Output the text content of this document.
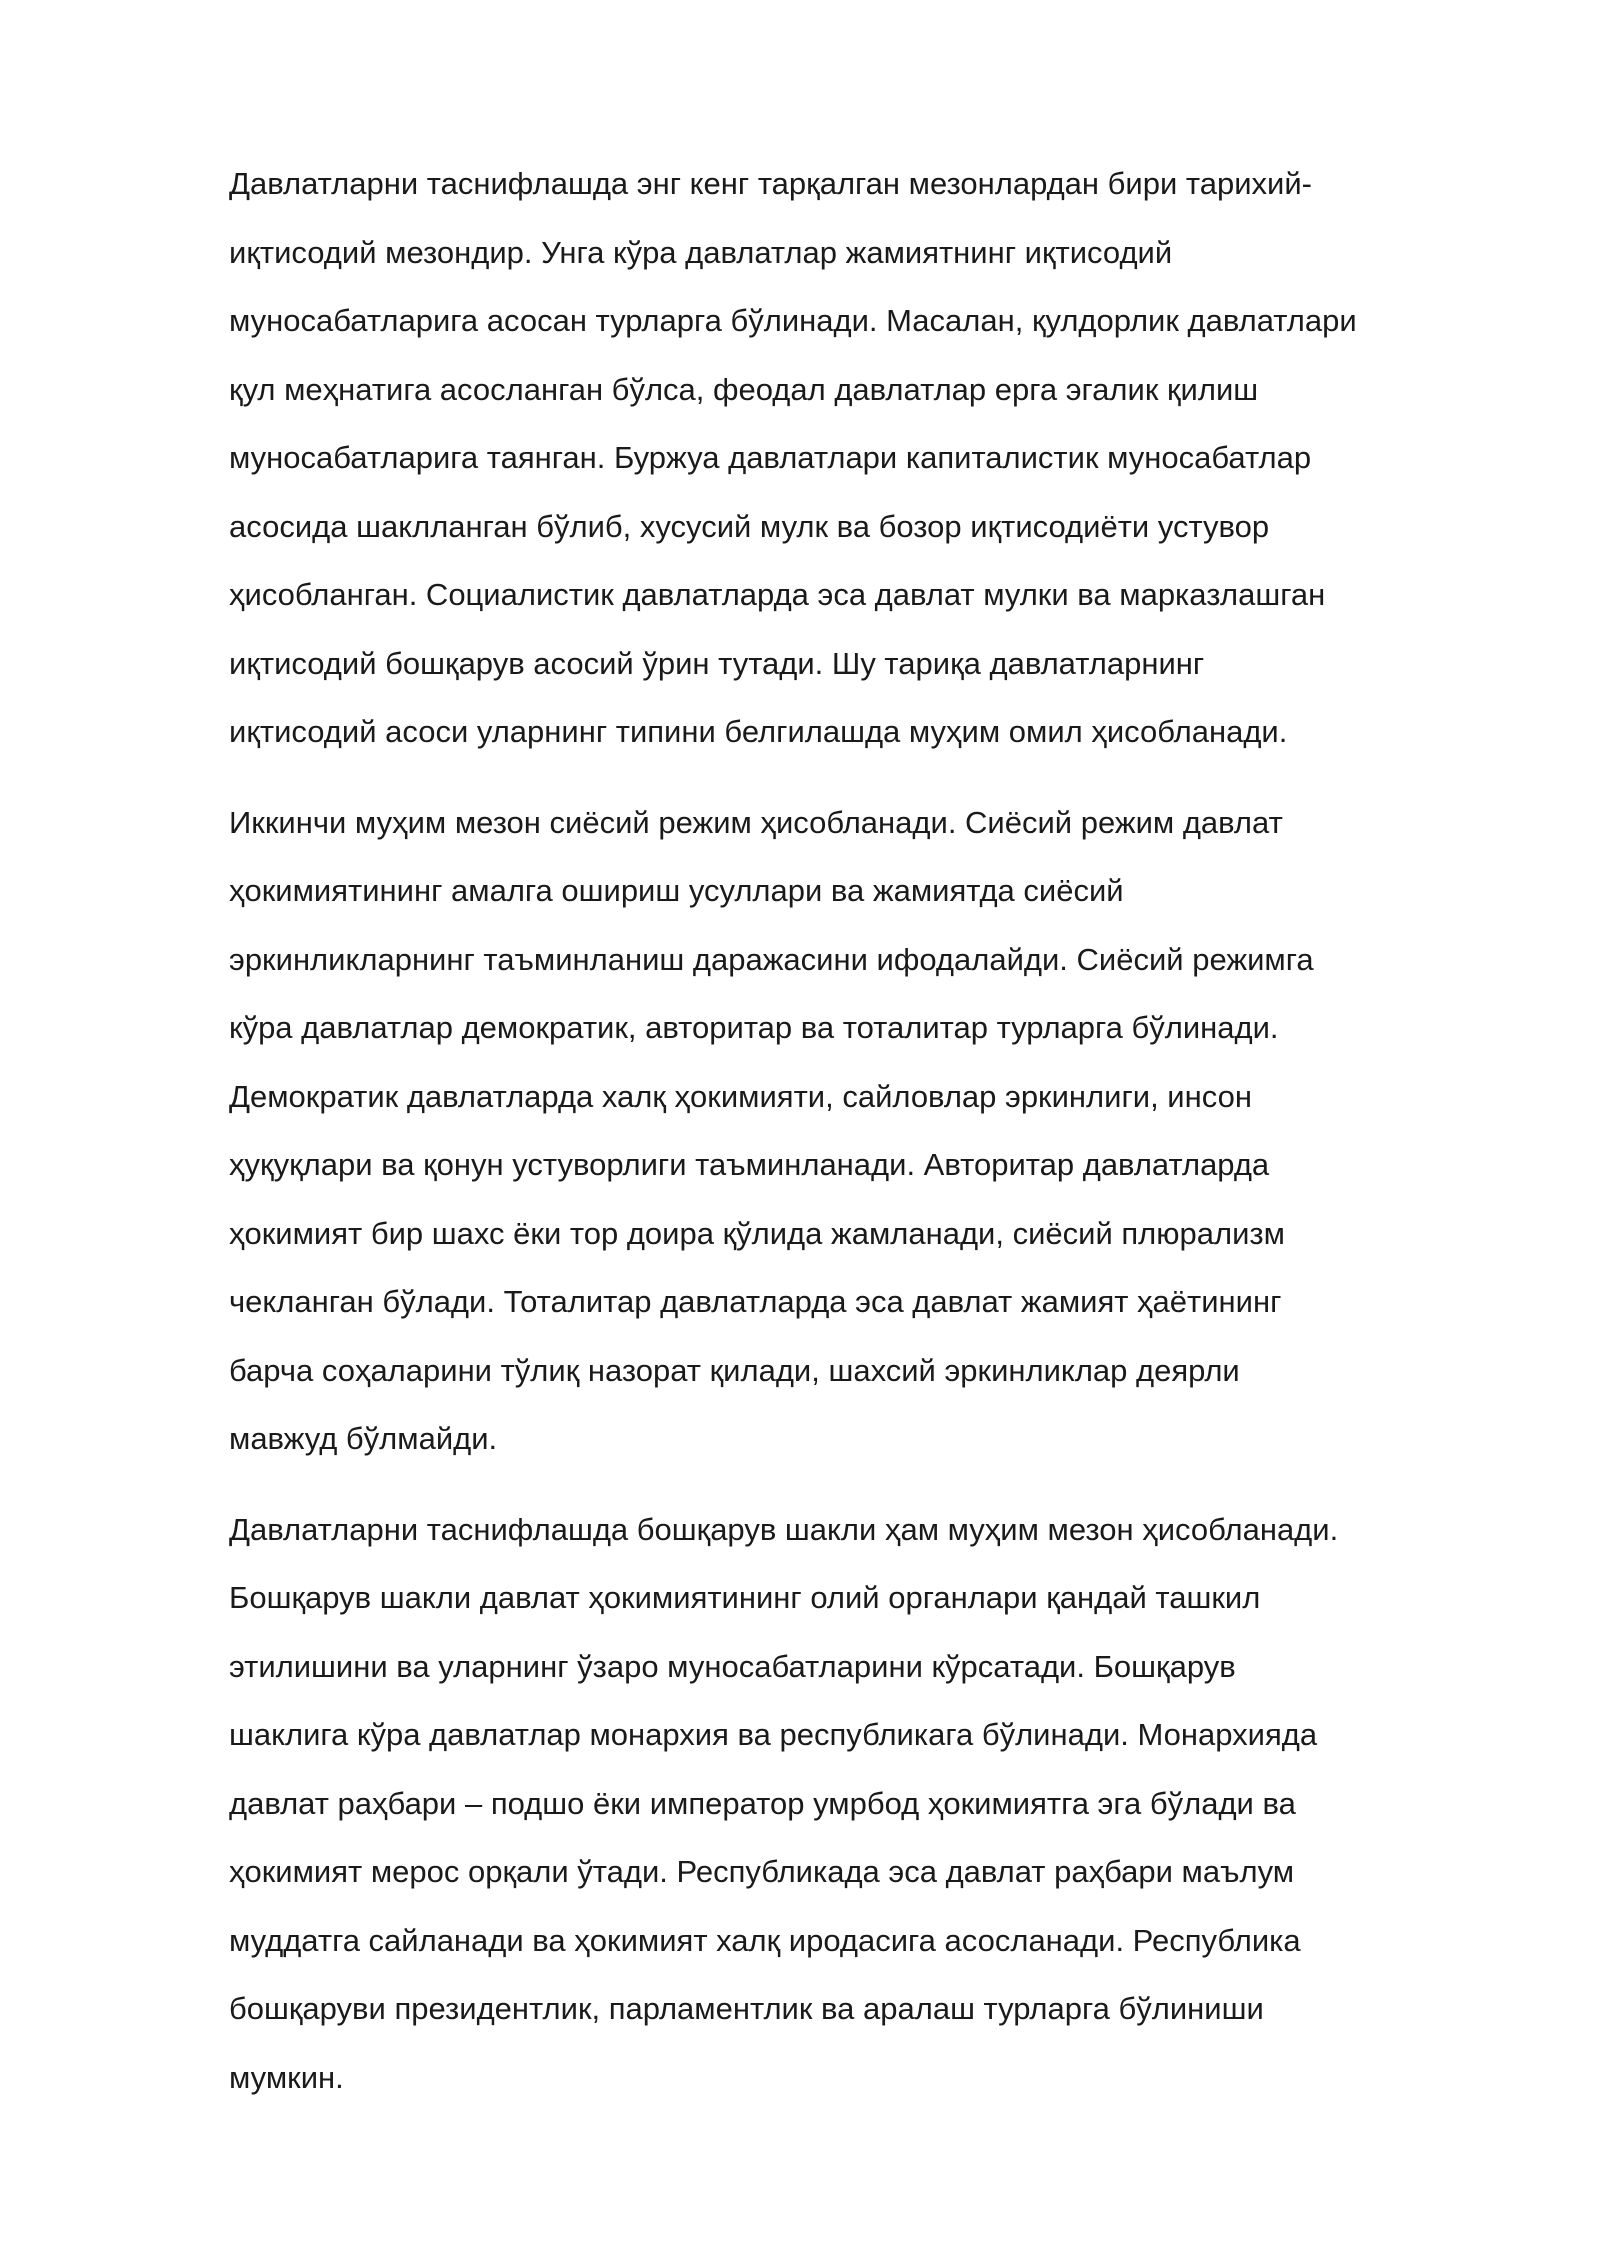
Давлатларни таснифлашда энг кенг тарқалган мезонлардан бири тарихий-
иқтисодий мезондир. Унга кўра давлатлар жамиятнинг иқтисодий
муносабатларига асосан турларга бўлинади. Масалан, қулдорлик давлатлари
қул меҳнатига асосланган бўлса, феодал давлатлар ерга эгалик қилиш
муносабатларига таянган. Буржуа давлатлари капиталистик муносабатлар
асосида шаклланган бўлиб, хусусий мулк ва бозор иқтисодиёти устувор
ҳисобланган. Социалистик давлатларда эса давлат мулки ва марказлашган
иқтисодий бошқарув асосий ўрин тутади. Шу тариқа давлатларнинг
иқтисодий асоси уларнинг типини белгилашда муҳим омил ҳисобланади.

Иккинчи муҳим мезон сиёсий режим ҳисобланади. Сиёсий режим давлат
ҳокимиятининг амалга ошириш усуллари ва жамиятда сиёсий
эркинликларнинг таъминланиш даражасини ифодалайди. Сиёсий режимга
кўра давлатлар демократик, авторитар ва тоталитар турларга бўлинади.
Демократик давлатларда халқ ҳокимияти, сайловлар эркинлиги, инсон
ҳуқуқлари ва қонун устуворлиги таъминланади. Авторитар давлатларда
ҳокимият бир шахс ёки тор доира қўлида жамланади, сиёсий плюрализм
чекланган бўлади. Тоталитар давлатларда эса давлат жамият ҳаётининг
барча соҳаларини тўлиқ назорат қилади, шахсий эркинликлар деярли
мавжуд бўлмайди.

Давлатларни таснифлашда бошқарув шакли ҳам муҳим мезон ҳисобланади.
Бошқарув шакли давлат ҳокимиятининг олий органлари қандай ташкил
этилишини ва уларнинг ўзаро муносабатларини кўрсатади. Бошқарув
шаклига кўра давлатлар монархия ва республикага бўлинади. Монархияда
давлат раҳбари – подшо ёки император умрбод ҳокимиятга эга бўлади ва
ҳокимият мерос орқали ўтади. Республикада эса давлат раҳбари маълум
муддатга сайланади ва ҳокимият халқ иродасига асосланади. Республика
бошқаруви президентлик, парламентлик ва аралаш турларга бўлиниши
мумкин.
